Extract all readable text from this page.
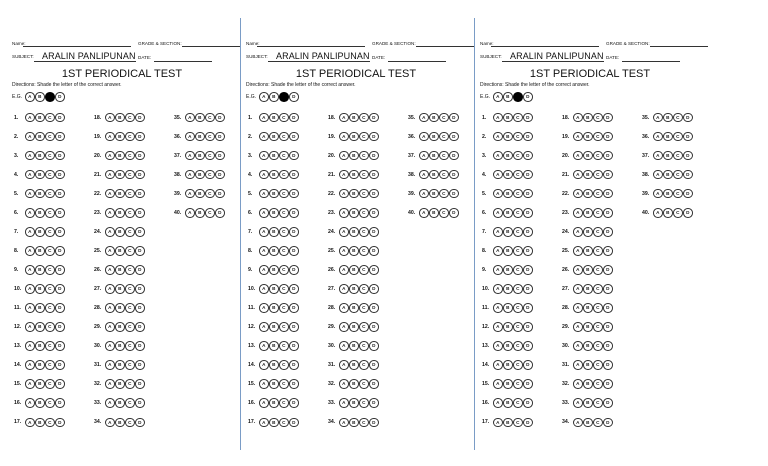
Name:	GRADE & SECTION:
SUBJECT: ARALIN PANLIPUNAN DATE:
1ST PERIODICAL TEST
Directions: Shade the letter of the correct answer.
E.G.	A	B	C	D
1.	A	B	C	D
2.	A	B	C	D
3.	A	B	C	D
4.	A	B	C	D
5.	A	B	C	D
6.	A	B	C	D
7.	A	B	C	D
8.	A	B	C	D
9.	A	B	C	D
10.	A	B	C	D
11.	A	B	C	D
12.	A	B	C	D
13.	A	B	C	D
14.	A	B	C	D
15.	A	B	C	D
16.	A	B	C	D
17.	A	B	C	D
18.	A	B	C	D
19.	A	B	C	D
20.	A	B	C	D
21.	A	B	C	D
22.	A	B	C	D
23.	A	B	C	D
24.	A	B	C	D
25.	A	B	C	D
26.	A	B	C	D
27.	A	B	C	D
28.	A	B	C	D
29.	A	B	C	D
30.	A	B	C	D
31.	A	B	C	D
32.	A	B	C	D
33.	A	B	C	D
34.	A	B	C	D
35.	A	B	C	D
36.	A	B	C	D
37.	A	B	C	D
38.	A	B	C	D
39.	A	B	C	D
40.	A	B	C	D
Name:	GRADE & SECTION:
SUBJECT: ARALIN PANLIPUNAN DATE:
1ST PERIODICAL TEST
Directions: Shade the letter of the correct answer.
E.G.	A	B	C	D
1.	A	B	C	D
2.	A	B	C	D
3.	A	B	C	D
4.	A	B	C	D
5.	A	B	C	D
6.	A	B	C	D
7.	A	B	C	D
8.	A	B	C	D
9.	A	B	C	D
10.	A	B	C	D
11.	A	B	C	D
12.	A	B	C	D
13.	A	B	C	D
14.	A	B	C	D
15.	A	B	C	D
16.	A	B	C	D
17.	A	B	C	D
18.	A	B	C	D
19.	A	B	C	D
20.	A	B	C	D
21.	A	B	C	D
22.	A	B	C	D
23.	A	B	C	D
24.	A	B	C	D
25.	A	B	C	D
26.	A	B	C	D
27.	A	B	C	D
28.	A	B	C	D
29.	A	B	C	D
30.	A	B	C	D
31.	A	B	C	D
32.	A	B	C	D
33.	A	B	C	D
34.	A	B	C	D
35.	A	B	C	D
36.	A	B	C	D
37.	A	B	C	D
38.	A	B	C	D
39.	A	B	C	D
40.	A	B	C	D
Name:	GRADE & SECTION:
SUBJECT: ARALIN PANLIPUNAN DATE:
1ST PERIODICAL TEST
Directions: Shade the letter of the correct answer.
E.G.	A	B	C	D
1.	A	B	C	D
2.	A	B	C	D
3.	A	B	C	D
4.	A	B	C	D
5.	A	B	C	D
6.	A	B	C	D
7.	A	B	C	D
8.	A	B	C	D
9.	A	B	C	D
10.	A	B	C	D
11.	A	B	C	D
12.	A	B	C	D
13.	A	B	C	D
14.	A	B	C	D
15.	A	B	C	D
16.	A	B	C	D
17.	A	B	C	D
18.	A	B	C	D
19.	A	B	C	D
20.	A	B	C	D
21.	A	B	C	D
22.	A	B	C	D
23.	A	B	C	D
24.	A	B	C	D
25.	A	B	C	D
26.	A	B	C	D
27.	A	B	C	D
28.	A	B	C	D
29.	A	B	C	D
30.	A	B	C	D
31.	A	B	C	D
32.	A	B	C	D
33.	A	B	C	D
34.	A	B	C	D
35.	A	B	C	D
36.	A	B	C	D
37.	A	B	C	D
38.	A	B	C	D
39.	A	B	C	D
40.	A	B	C	D
